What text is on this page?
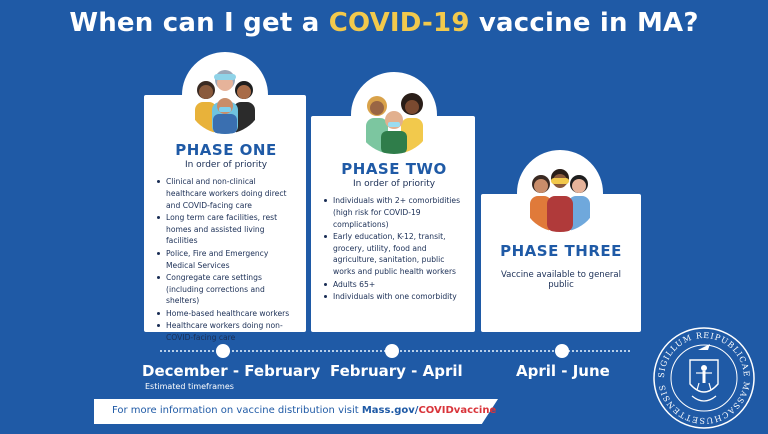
When can I get a COVID-19 vaccine in MA?
PHASE ONE
In order of priority
Clinical and non-clinical healthcare workers doing direct and COVID-facing care
Long term care facilities, rest homes and assisted living facilities
Police, Fire and Emergency Medical Services
Congregate care settings (including corrections and shelters)
Home-based healthcare workers
Healthcare workers doing non-COVID-facing care
PHASE TWO
In order of priority
Individuals with 2+ comorbidities (high risk for COVID-19 complications)
Early education, K-12, transit, grocery, utility, food and agriculture, sanitation, public works and public health workers
Adults 65+
Individuals with one comorbidity
PHASE THREE
Vaccine available to general public
December - February
Estimated timeframes
February - April	April - June
For more information on vaccine distribution visit Mass.gov/COVIDvaccine
SIGILLUM REIPUBLICAE MASSACHUSETTENSIS
